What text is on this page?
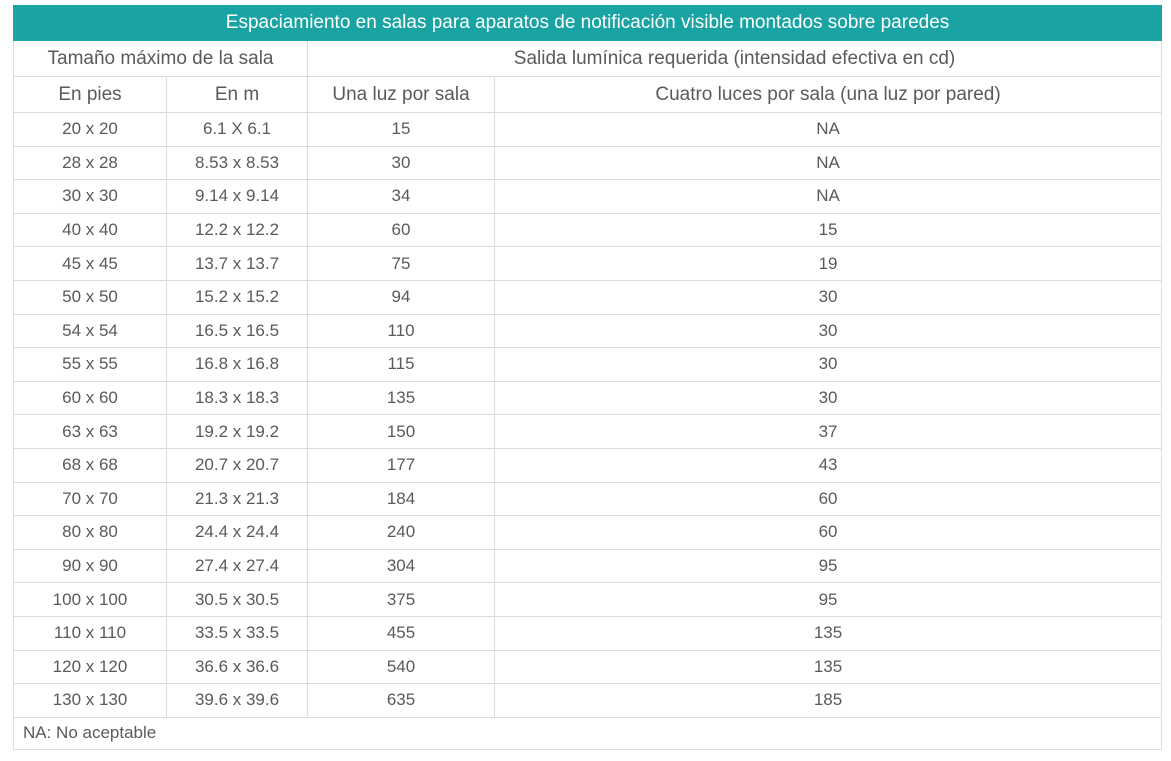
Espaciamiento en salas para aparatos de notificación visible montados sobre paredes			
Tamaño máximo de la sala		Salida lumínica requerida (intensidad efectiva en cd)	
En pies	En m	Una luz por sala	Cuatro luces por sala (una luz por pared)
20 x 20	6.1 X 6.1	15	NA
28 x 28	8.53 x 8.53	30	NA
30 x 30	9.14 x 9.14	34	NA
40 x 40	12.2 x 12.2	60	15
45 x 45	13.7 x 13.7	75	19
50 x 50	15.2 x 15.2	94	30
54 x 54	16.5 x 16.5	110	30
55 x 55	16.8 x 16.8	115	30
60 x 60	18.3 x 18.3	135	30
63 x 63	19.2 x 19.2	150	37
68 x 68	20.7 x 20.7	177	43
70 x 70	21.3 x 21.3	184	60
80 x 80	24.4 x 24.4	240	60
90 x 90	27.4 x 27.4	304	95
100 x 100	30.5 x 30.5	375	95
110 x 110	33.5 x 33.5	455	135
120 x 120	36.6 x 36.6	540	135
130 x 130	39.6 x 39.6	635	185
NA: No aceptable			
